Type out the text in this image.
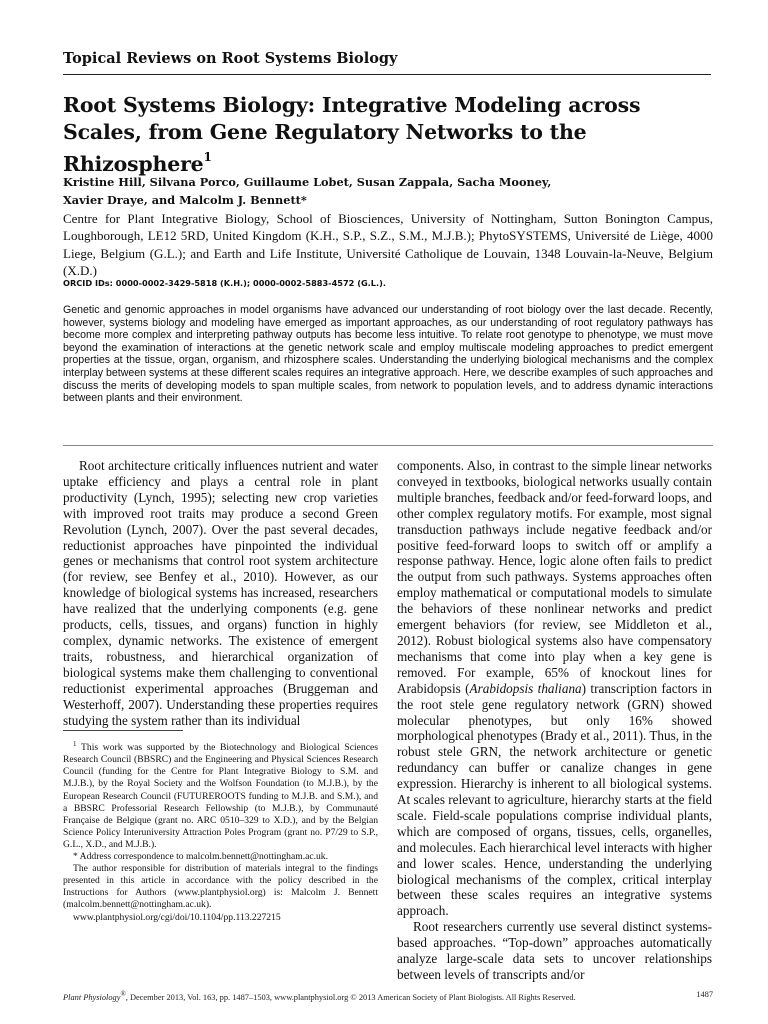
Topical Reviews on Root Systems Biology
Root Systems Biology: Integrative Modeling across Scales, from Gene Regulatory Networks to the Rhizosphere$^1$
Kristine Hill, Silvana Porco, Guillaume Lobet, Susan Zappala, Sacha Mooney,
Xavier Draye, and Malcolm J. Bennett*
Centre for Plant Integrative Biology, School of Biosciences, University of Nottingham, Sutton Bonington Campus, Loughborough, LE12 5RD, United Kingdom (K.H., S.P., S.Z., S.M., M.J.B.); PhytoSYSTEMS, Université de Liège, 4000 Liege, Belgium (G.L.); and Earth and Life Institute, Université Catholique de Louvain, 1348 Louvain-la-Neuve, Belgium (X.D.)
ORCID IDs: 0000-0002-3429-5818 (K.H.); 0000-0002-5883-4572 (G.L.).
Genetic and genomic approaches in model organisms have advanced our understanding of root biology over the last decade. Recently, however, systems biology and modeling have emerged as important approaches, as our understanding of root regulatory pathways has become more complex and interpreting pathway outputs has become less intuitive. To relate root genotype to phenotype, we must move beyond the examination of interactions at the genetic network scale and employ multiscale modeling approaches to predict emergent properties at the tissue, organ, organism, and rhizosphere scales. Understanding the underlying biological mechanisms and the complex interplay between systems at these different scales requires an integrative approach. Here, we describe examples of such approaches and discuss the merits of developing models to span multiple scales, from network to population levels, and to address dynamic interactions between plants and their environment.

Root architecture critically influences nutrient and water uptake efficiency and plays a central role in plant productivity (Lynch, 1995); selecting new crop varieties with improved root traits may produce a second Green Revolution (Lynch, 2007). Over the past several decades, reductionist approaches have pinpointed the individual genes or mechanisms that control root system architecture (for review, see Benfey et al., 2010). However, as our knowledge of biological systems has increased, researchers have realized that the underlying components (e.g. gene products, cells, tissues, and organs) function in highly complex, dynamic networks. The existence of emergent traits, robustness, and hierarchical organization of biological systems make them challenging to conventional reductionist experimental approaches (Bruggeman and Westerhoff, 2007). Understanding these properties requires studying the system rather than its individual

$^1$ This work was supported by the Biotechnology and Biological Sciences Research Council (BBSRC) and the Engineering and Physical Sciences Research Council (funding for the Centre for Plant Integrative Biology to S.M. and M.J.B.), by the Royal Society and the Wolfson Foundation (to M.J.B.), by the European Research Council (FUTUREROOTS funding to M.J.B. and S.M.), and a BBSRC Professorial Research Fellowship (to M.J.B.), by Communauté Française de Belgique (grant no. ARC 0510–329 to X.D.), and by the Belgian Science Policy Interuniversity Attraction Poles Program (grant no. P7/29 to S.P., G.L., X.D., and M.J.B.).

* Address correspondence to malcolm.bennett@nottingham.ac.uk.

The author responsible for distribution of materials integral to the findings presented in this article in accordance with the policy described in the Instructions for Authors (www.plantphysiol.org) is: Malcolm J. Bennett (malcolm.bennett@nottingham.ac.uk).

www.plantphysiol.org/cgi/doi/10.1104/pp.113.227215

components. Also, in contrast to the simple linear networks conveyed in textbooks, biological networks usually contain multiple branches, feedback and/or feed-forward loops, and other complex regulatory motifs. For example, most signal transduction pathways include negative feedback and/or positive feed-forward loops to switch off or amplify a response pathway. Hence, logic alone often fails to predict the output from such pathways. Systems approaches often employ mathematical or computational models to simulate the behaviors of these nonlinear networks and predict emergent behaviors (for review, see Middleton et al., 2012). Robust biological systems also have compensatory mechanisms that come into play when a key gene is removed. For example, 65% of knockout lines for Arabidopsis (Arabidopsis thaliana) transcription factors in the root stele gene regulatory network (GRN) showed molecular phenotypes, but only 16% showed morphological phenotypes (Brady et al., 2011). Thus, in the robust stele GRN, the network architecture or genetic redundancy can buffer or canalize changes in gene expression. Hierarchy is inherent to all biological systems. At scales relevant to agriculture, hierarchy starts at the field scale. Field-scale populations comprise individual plants, which are composed of organs, tissues, cells, organelles, and molecules. Each hierarchical level interacts with higher and lower scales. Hence, understanding the underlying biological mechanisms of the complex, critical interplay between these scales requires an integrative systems approach.

Root researchers currently use several distinct systems-based approaches. “Top-down” approaches automatically analyze large-scale data sets to uncover relationships between levels of transcripts and/or

Plant Physiology®, December 2013, Vol. 163, pp. 1487–1503, www.plantphysiol.org © 2013 American Society of Plant Biologists. All Rights Reserved.	1487
